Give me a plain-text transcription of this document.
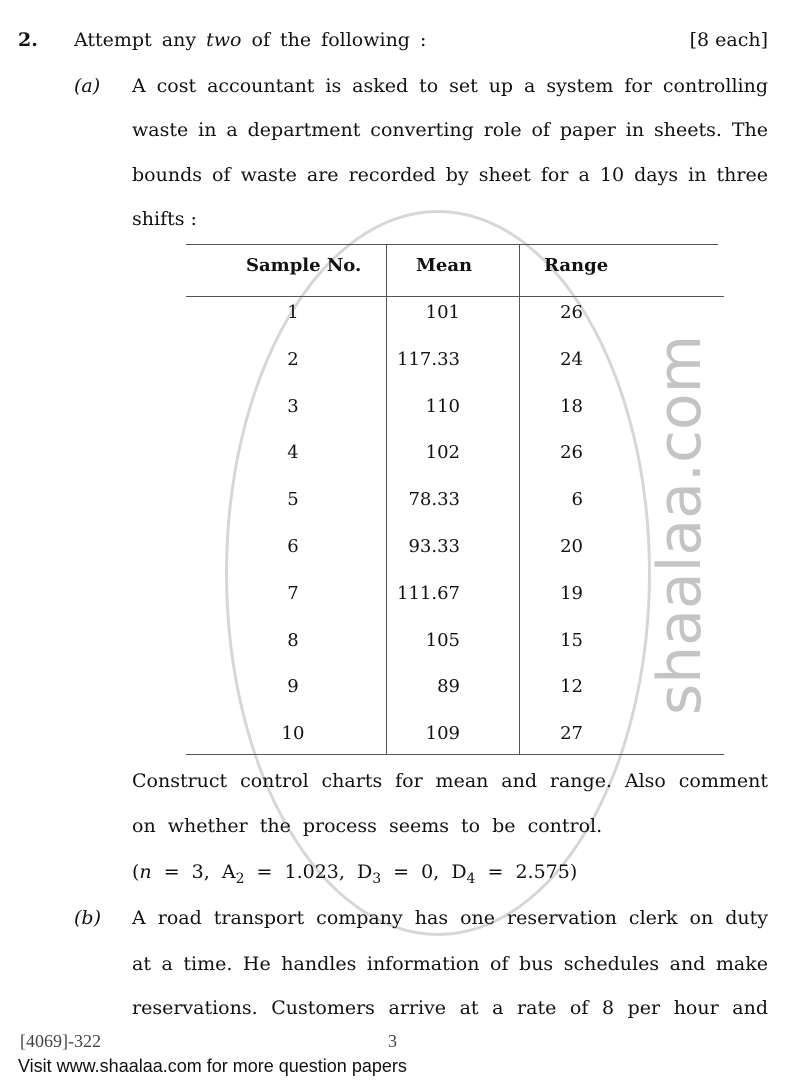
shaalaa.com
2. Attempt any two of the following :	[8 each]
(a) A cost accountant is asked to set up a system for controlling
waste in a department converting role of paper in sheets. The
bounds of waste are recorded by sheet for a 10 days in three
shifts :
Sample No.	Mean	Range
1	101	26
2	117.33	24
3	110	18
4	102	26
5	78.33	6
6	93.33	20
7	111.67	19
8	105	15
9	89	12
10	109	27
Construct control charts for mean and range. Also comment
on whether the process seems to be control.
(n = 3, $A_2 = 1.023$, $D_3 = 0$, $D_4 = 2.575$)
(b) A road transport company has one reservation clerk on duty
at a time. He handles information of bus schedules and make
reservations. Customers arrive at a rate of 8 per hour and
[4069]-322	3
Visit www.shaalaa.com for more question papers
